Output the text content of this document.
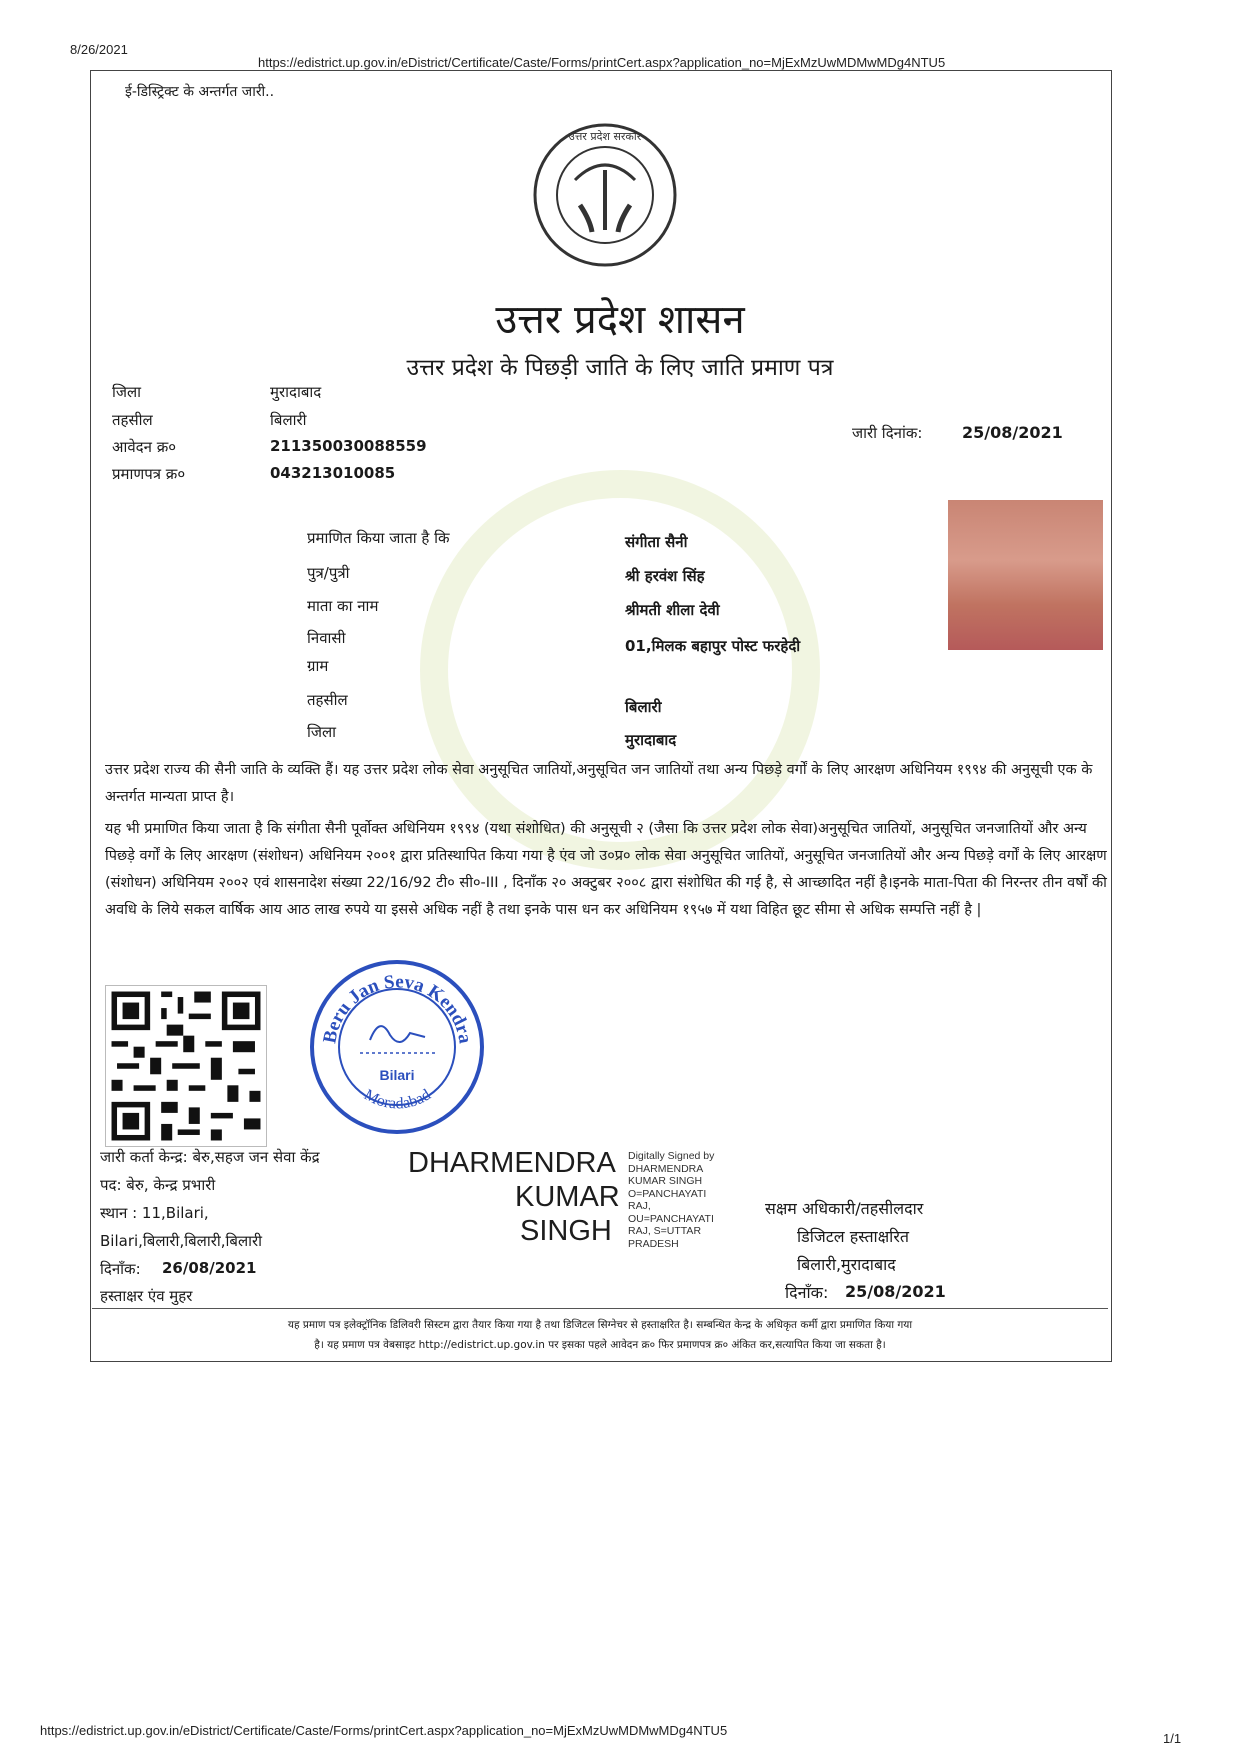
8/26/2021
https://edistrict.up.gov.in/eDistrict/Certificate/Caste/Forms/printCert.aspx?application_no=MjExMzUwMDMwMDg4NTU5
ई-डिस्ट्रिक्ट के अन्तर्गत जारी..
उत्तर प्रदेश सरकार
उत्तर प्रदेश शासन
उत्तर प्रदेश के पिछड़ी जाति के लिए जाति प्रमाण पत्र
जिला	मुरादाबाद
तहसील	बिलारी
आवेदन क्र०	211350030088559
प्रमाणपत्र क्र०	043213010085
जारी दिनांक: 25/08/2021
प्रमाणित किया जाता है कि	संगीता सैनी
पुत्र/पुत्री	श्री हरवंश सिंह
माता का नाम	श्रीमती शीला देवी
निवासी	01,मिलक बहापुर पोस्ट फरहेदी
ग्राम
तहसील	बिलारी
जिला	मुरादाबाद
उत्तर प्रदेश राज्य की सैनी जाति के व्यक्ति हैं। यह उत्तर प्रदेश लोक सेवा अनुसूचित जातियों,अनुसूचित जन जातियों तथा अन्य पिछड़े वर्गों के लिए आरक्षण अधिनियम १९९४ की अनुसूची एक के अन्तर्गत मान्यता प्राप्त है।
यह भी प्रमाणित किया जाता है कि संगीता सैनी पूर्वोक्त अधिनियम १९९४ (यथा संशोधित) की अनुसूची २ (जैसा कि उत्तर प्रदेश लोक सेवा)अनुसूचित जातियों, अनुसूचित जनजातियों और अन्य पिछड़े वर्गों के लिए आरक्षण (संशोधन) अधिनियम २००१ द्वारा प्रतिस्थापित किया गया है एंव जो उ०प्र० लोक सेवा अनुसूचित जातियों, अनुसूचित जनजातियों और अन्य पिछड़े वर्गों के लिए आरक्षण (संशोधन) अधिनियम २००२ एवं शासनादेश संख्या 22/16/92 टी० सी०-III , दिनाँक २० अक्टुबर २००८ द्वारा संशोधित की गई है, से आच्छादित नहीं है।इनके माता-पिता की निरन्तर तीन वर्षों की अवधि के लिये सकल वार्षिक आय आठ लाख रुपये या इससे अधिक नहीं है तथा इनके पास धन कर अधिनियम १९५७ में यथा विहित छूट सीमा से अधिक सम्पत्ति नहीं है |
Beru Jan Seva Kendra
Bilari
Moradabad
जारी कर्ता केन्द्र: बेरु,सहज जन सेवा केंद्र
पद: बेरु, केन्द्र प्रभारी
स्थान : 11,Bilari,
Bilari,बिलारी,बिलारी,बिलारी
दिनाँक: 26/08/2021
हस्ताक्षर एंव मुहर
DHARMENDRA
KUMAR
SINGH
Digitally Signed by
DHARMENDRA
KUMAR SINGH
O=PANCHAYATI
RAJ,
OU=PANCHAYATI
RAJ, S=UTTAR
PRADESH
सक्षम अधिकारी/तहसीलदार
डिजिटल हस्ताक्षरित
बिलारी,मुरादाबाद
दिनाँक: 25/08/2021
यह प्रमाण पत्र इलेक्ट्रॉनिक डिलिवरी सिस्टम द्वारा तैयार किया गया है तथा डिजिटल सिग्नेचर से हस्ताक्षरित है। सम्बन्धित केन्द्र के अधिकृत कर्मी द्वारा प्रमाणित किया गया
है। यह प्रमाण पत्र वेबसाइट http://edistrict.up.gov.in पर इसका पहले आवेदन क्र० फिर प्रमाणपत्र क्र० अंकित कर,सत्यापित किया जा सकता है।
https://edistrict.up.gov.in/eDistrict/Certificate/Caste/Forms/printCert.aspx?application_no=MjExMzUwMDMwMDg4NTU5
1/1
